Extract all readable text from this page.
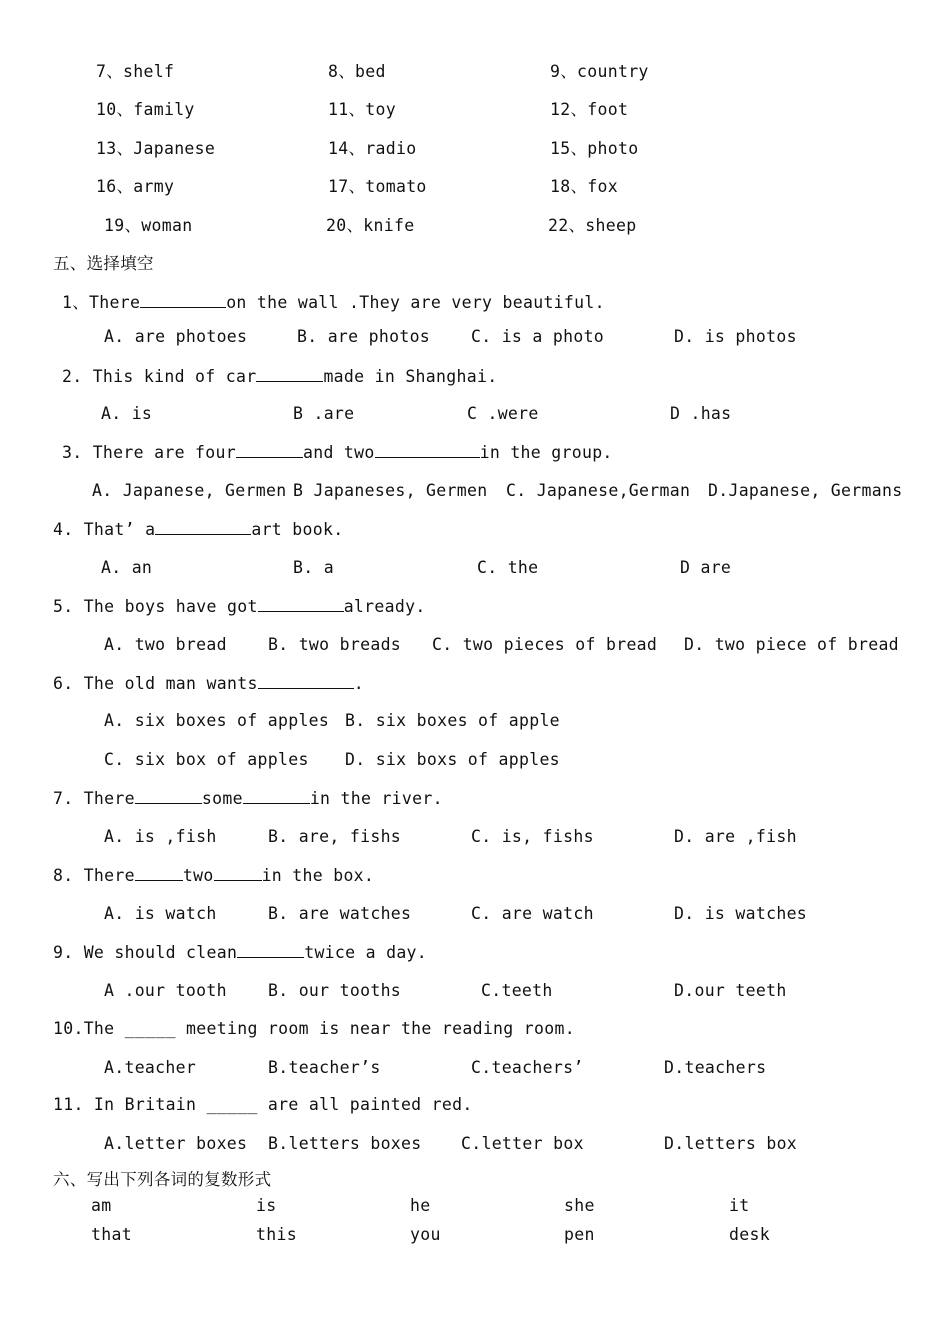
7、shelf	8、bed	9、country
10、family	11、toy	12、foot
13、Japanese	14、radio	15、photo
16、army	17、tomato	18、fox
19、woman	20、knife	22、sheep
五、选择填空
1、There	on the wall .They are very beautiful.
A. are photoes	B. are photos C. is a photo	D. is photos
2. This kind of car	made in Shanghai.
A. is	B .are	C .were	D .has
3. There are four	and two	in the group.
A. Japanese, Germen B Japaneses, Germen C. Japanese,German D.Japanese, Germans
4. That’ a	art book.
A. an	B. a	C. the	D are
5. The boys have got	already.
A. two bread B. two breads C. two pieces of bread D. two piece of bread
6. The old man wants	.
A. six boxes of apples B. six boxes of apple
C. six box of apples D. six boxs of apples
7. There	some	in the river.
A. is ,fish	B. are, fishs	C. is, fishs	D. are ,fish
8. There	two	in the box.
A. is watch	B. are watches	C. are watch	D. is watches
9. We should clean	twice a day.
A .our tooth B. our tooths	C.teeth	D.our teeth
10.The _____ meeting room is near the reading room.
A.teacher	B.teacher’s	C.teachers’	D.teachers
11. In Britain _____ are all painted red.
A.letter boxes B.letters boxes C.letter box	D.letters box
六、写出下列各词的复数形式
am	is	he	she	it
that	this	you	pen	desk
